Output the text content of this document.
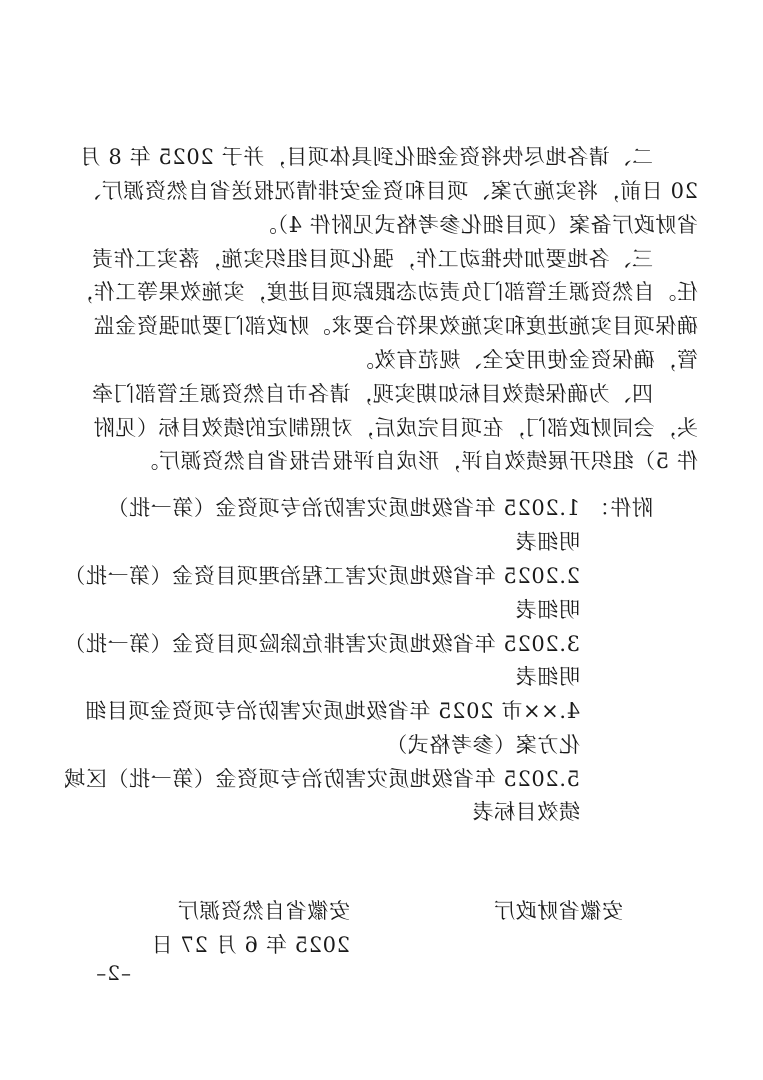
二、请各地尽快将资金细化到具体项目，并于 2025 年 8 月
20 日前，将实施方案、项目和资金安排情况报送省自然资源厅、
省财政厅备案（项目细化参考格式见附件 4）。
三、各地要加快推动工作，强化项目组织实施，落实工作责
任。自然资源主管部门负责动态跟踪项目进度，实施效果等工作，
确保项目实施进度和实施效果符合要求。财政部门要加强资金监
管，确保资金使用安全、规范有效。
四、为确保绩效目标如期实现，请各市自然资源主管部门牵
头，会同财政部门，在项目完成后，对照制定的绩效目标（见附
件 5）组织开展绩效自评，形成自评报告报省自然资源厅。
附件：
1.2025 年省级地质灾害防治专项资金（第一批）
明细表
2.2025 年省级地质灾害工程治理项目资金（第一批）
明细表
3.2025 年省级地质灾害排危除险项目资金（第一批）
明细表
4.××市 2025 年省级地质灾害防治专项资金项目细
化方案（参考格式）
5.2025 年省级地质灾害防治专项资金（第一批）区域
绩效目标表
安徽省财政厅
安徽省自然资源厅
2025 年 6 月 27 日
–2–
